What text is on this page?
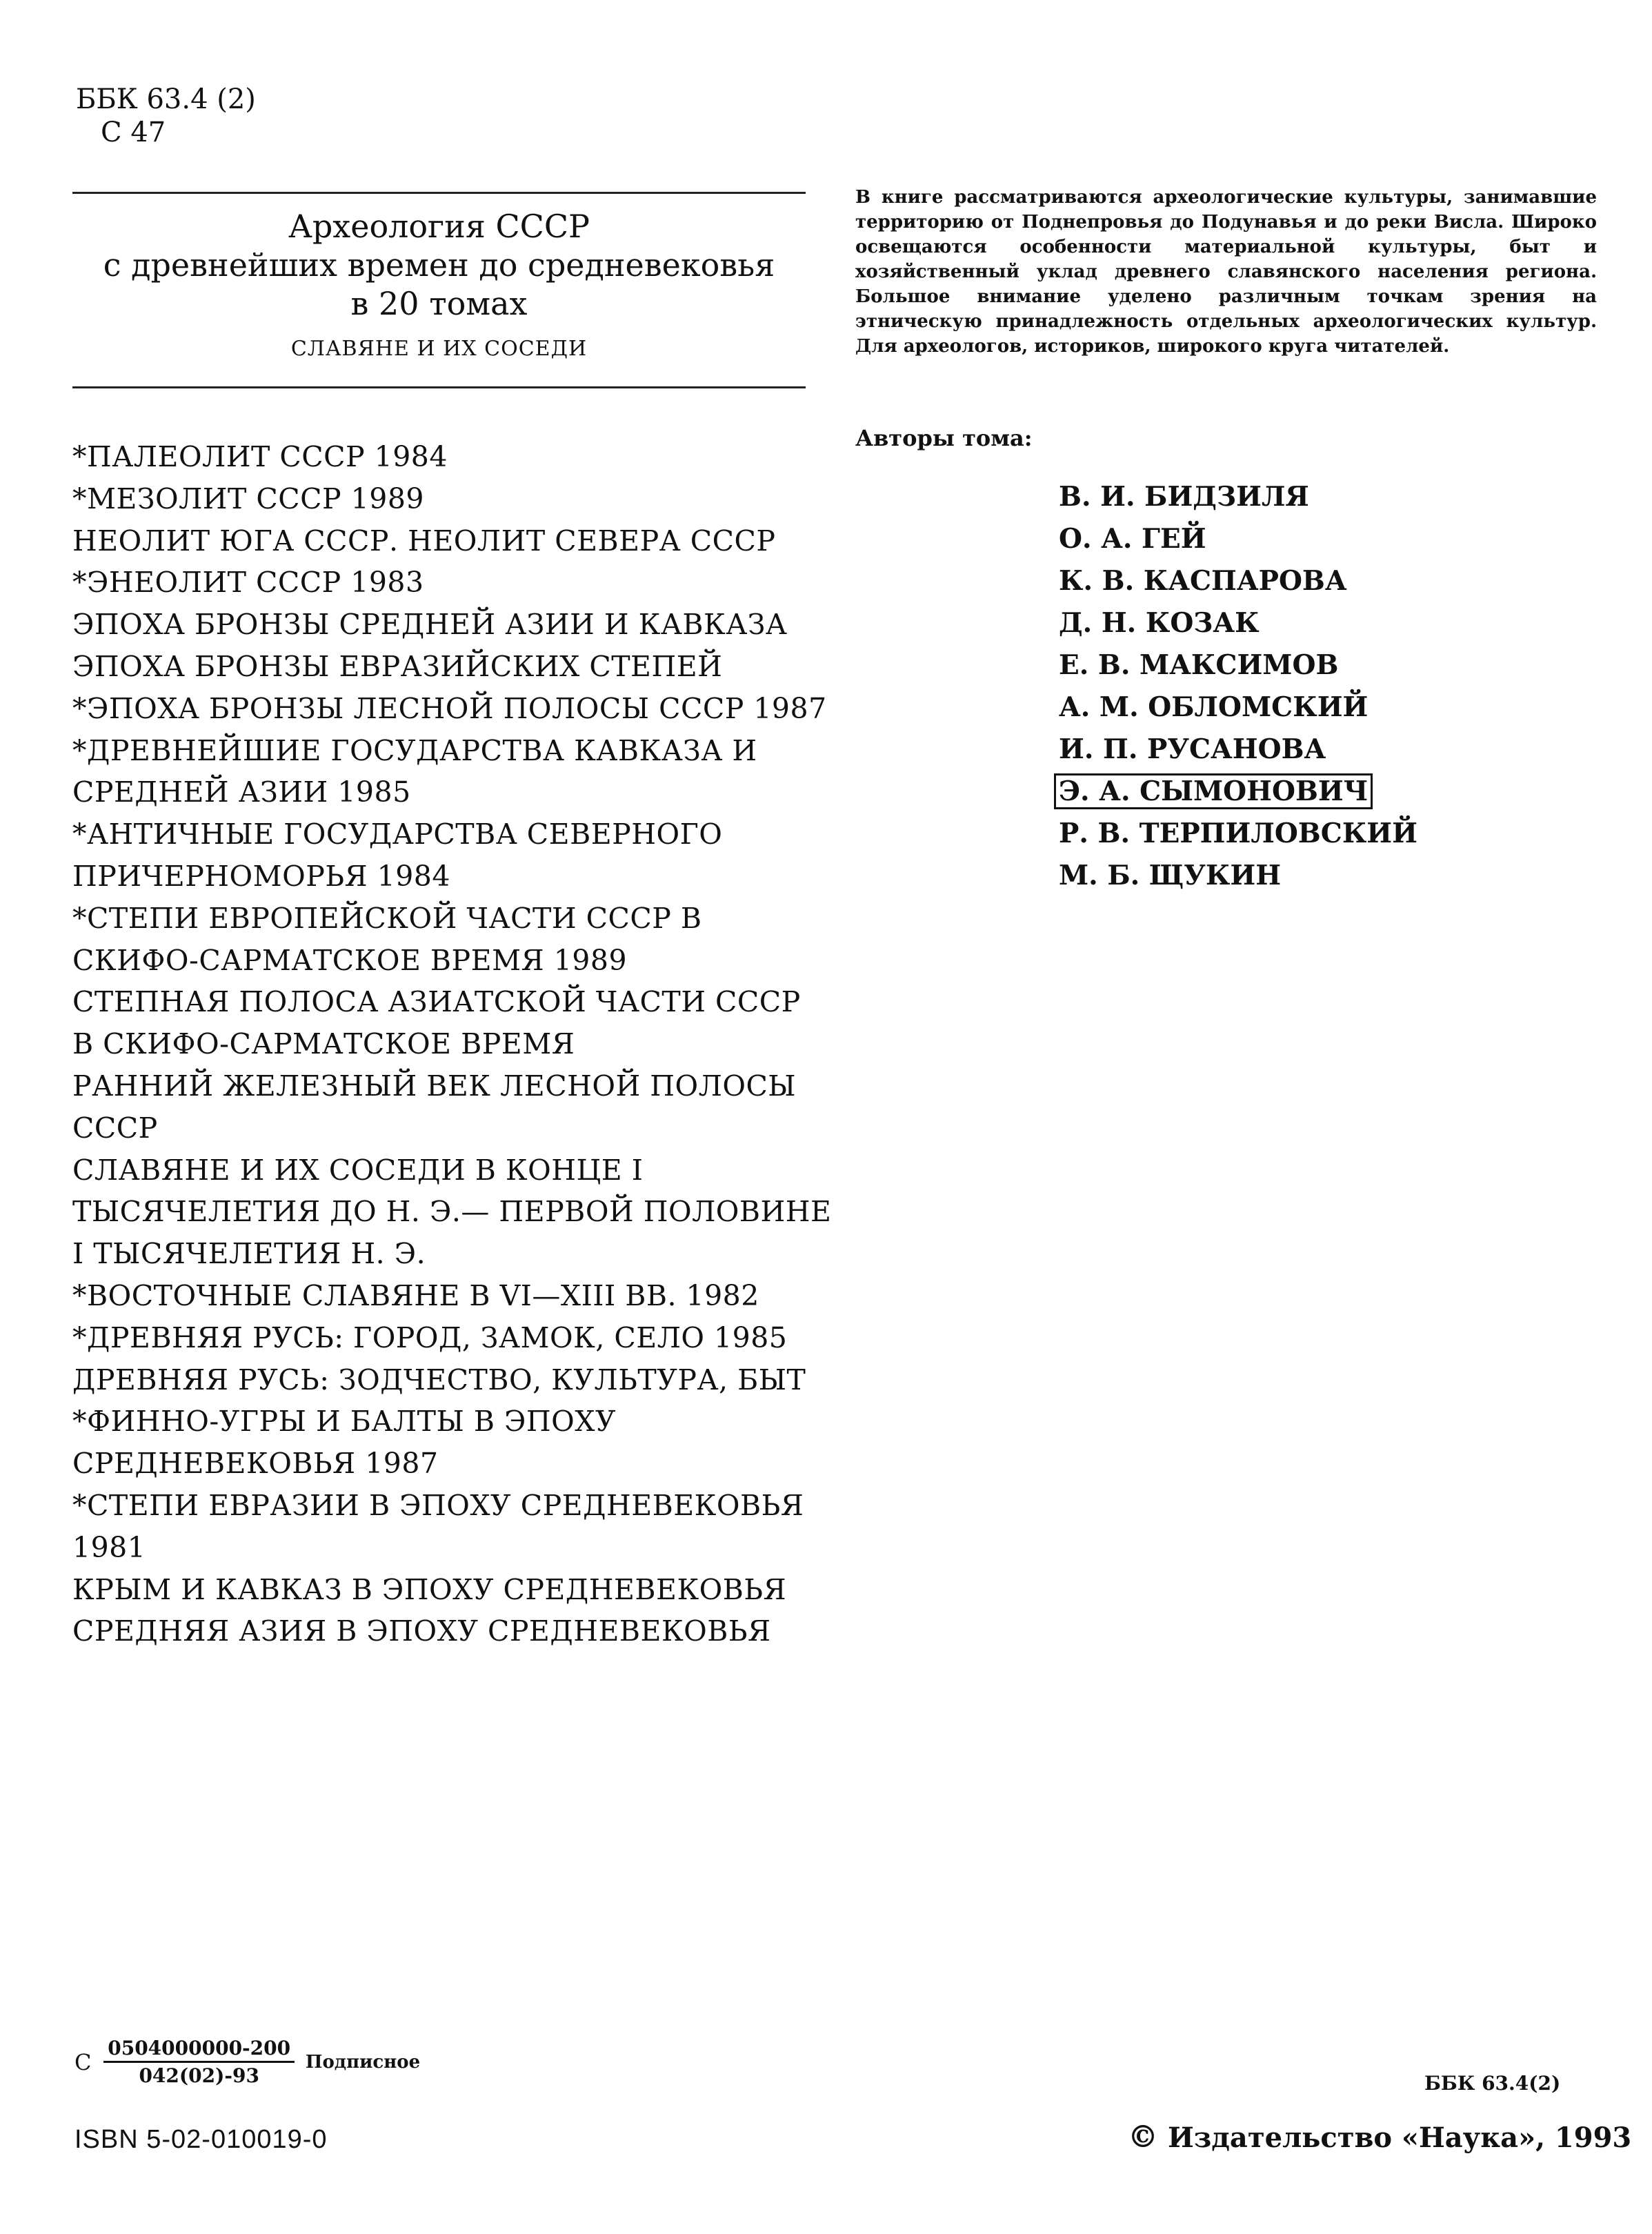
ББК 63.4 (2)
С 47
Археология СССР
с древнейших времен до средневековья
в 20 томах
СЛАВЯНЕ И ИХ СОСЕДИ
*ПАЛЕОЛИТ СССР 1984
*МЕЗОЛИТ СССР 1989
НЕОЛИТ ЮГА СССР. НЕОЛИТ СЕВЕРА СССР
*ЭНЕОЛИТ СССР 1983
ЭПОХА БРОНЗЫ СРЕДНЕЙ АЗИИ И КАВКАЗА
ЭПОХА БРОНЗЫ ЕВРАЗИЙСКИХ СТЕПЕЙ
*ЭПОХА БРОНЗЫ ЛЕСНОЙ ПОЛОСЫ СССР 1987
*ДРЕВНЕЙШИЕ ГОСУДАРСТВА КАВКАЗА И
СРЕДНЕЙ АЗИИ 1985
*АНТИЧНЫЕ ГОСУДАРСТВА СЕВЕРНОГО
ПРИЧЕРНОМОРЬЯ 1984
*СТЕПИ ЕВРОПЕЙСКОЙ ЧАСТИ СССР В
СКИФО-САРМАТСКОЕ ВРЕМЯ 1989
СТЕПНАЯ ПОЛОСА АЗИАТСКОЙ ЧАСТИ СССР
В СКИФО-САРМАТСКОЕ ВРЕМЯ
РАННИЙ ЖЕЛЕЗНЫЙ ВЕК ЛЕСНОЙ ПОЛОСЫ
СССР
СЛАВЯНЕ И ИХ СОСЕДИ В КОНЦЕ I
ТЫСЯЧЕЛЕТИЯ ДО Н. Э.— ПЕРВОЙ ПОЛОВИНЕ
I ТЫСЯЧЕЛЕТИЯ Н. Э.
*ВОСТОЧНЫЕ СЛАВЯНЕ В VI—XIII ВВ. 1982
*ДРЕВНЯЯ РУСЬ: ГОРОД, ЗАМОК, СЕЛО 1985
ДРЕВНЯЯ РУСЬ: ЗОДЧЕСТВО, КУЛЬТУРА, БЫТ
*ФИННО-УГРЫ И БАЛТЫ В ЭПОХУ
СРЕДНЕВЕКОВЬЯ 1987
*СТЕПИ ЕВРАЗИИ В ЭПОХУ СРЕДНЕВЕКОВЬЯ
1981
КРЫМ И КАВКАЗ В ЭПОХУ СРЕДНЕВЕКОВЬЯ
СРЕДНЯЯ АЗИЯ В ЭПОХУ СРЕДНЕВЕКОВЬЯ
В книге рассматриваются археологические культуры, занимавшие территорию от Поднепровья до Подунавья и до реки Висла. Широко освещаются особенности материальной культуры, быт и хозяйственный уклад древнего славянского населения региона. Большое внимание уделено различным точкам зрения на этническую принадлежность отдельных археологических культур. Для археологов, историков, широкого круга читателей.
Авторы тома:
В. И. БИДЗИЛЯ
О. А. ГЕЙ
К. В. КАСПАРОВА
Д. Н. КОЗАК
Е. В. МАКСИМОВ
А. М. ОБЛОМСКИЙ
И. П. РУСАНОВА
Э. А. СЫМОНОВИЧ
Р. В. ТЕРПИЛОВСКИЙ
М. Б. ЩУКИН
С $\frac{0504000000-200}{042(02)-93}$ Подписное
ISBN 5-02-010019-0
ББК 63.4(2)
© Издательство «Наука», 1993
